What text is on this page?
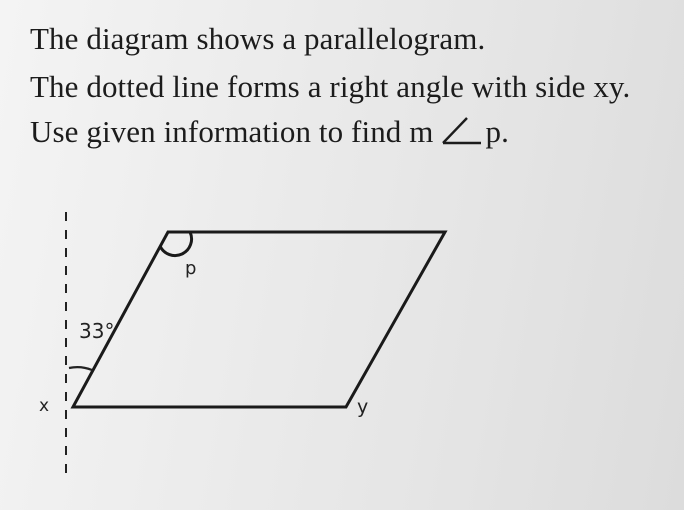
The diagram shows a parallelogram.
The dotted line forms a right angle with side xy.
Use given information to find m p.
33°
p
x	y
